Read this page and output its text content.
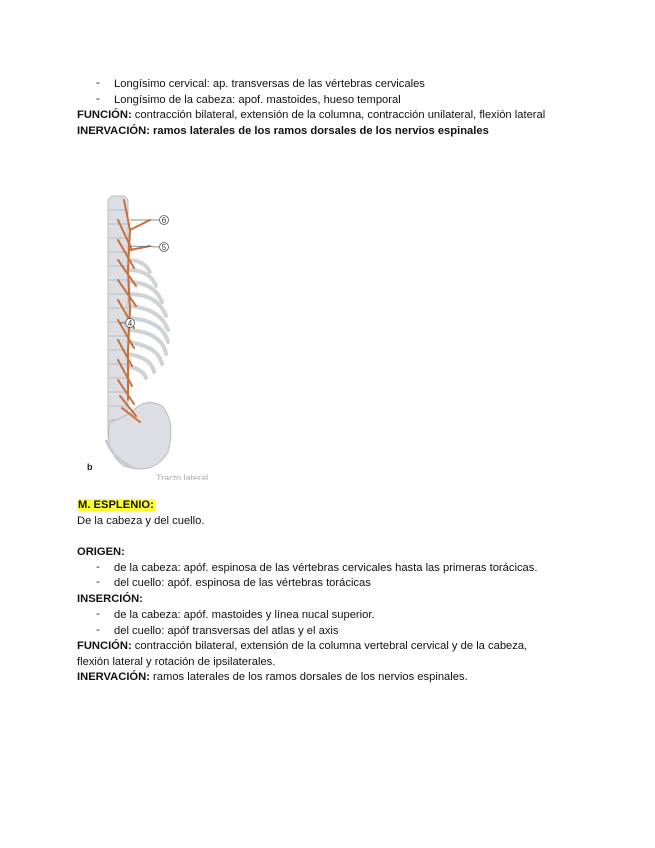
- Longísimo cervical: ap. transversas de las vértebras cervicales
- Longísimo de la cabeza: apof. mastoides, hueso temporal
FUNCIÓN: contracción bilateral, extensión de la columna, contracción unilateral, flexión lateral
INERVACIÓN: ramos laterales de los ramos dorsales de los nervios espinales
6
5
4
b
Tracto lateral
M. ESPLENIO:
De la cabeza y del cuello.
ORIGEN:
- de la cabeza: apóf. espinosa de las vértebras cervicales hasta las primeras torácicas.
- del cuello: apóf. espinosa de las vértebras torácicas
INSERCIÓN:
- de la cabeza: apóf. mastoides y línea nucal superior.
- del cuello: apóf transversas del atlas y el axis
FUNCIÓN: contracción bilateral, extensión de la columna vertebral cervical y de la cabeza,
flexión lateral y rotación de ipsilaterales.
INERVACIÓN: ramos laterales de los ramos dorsales de los nervios espinales.
